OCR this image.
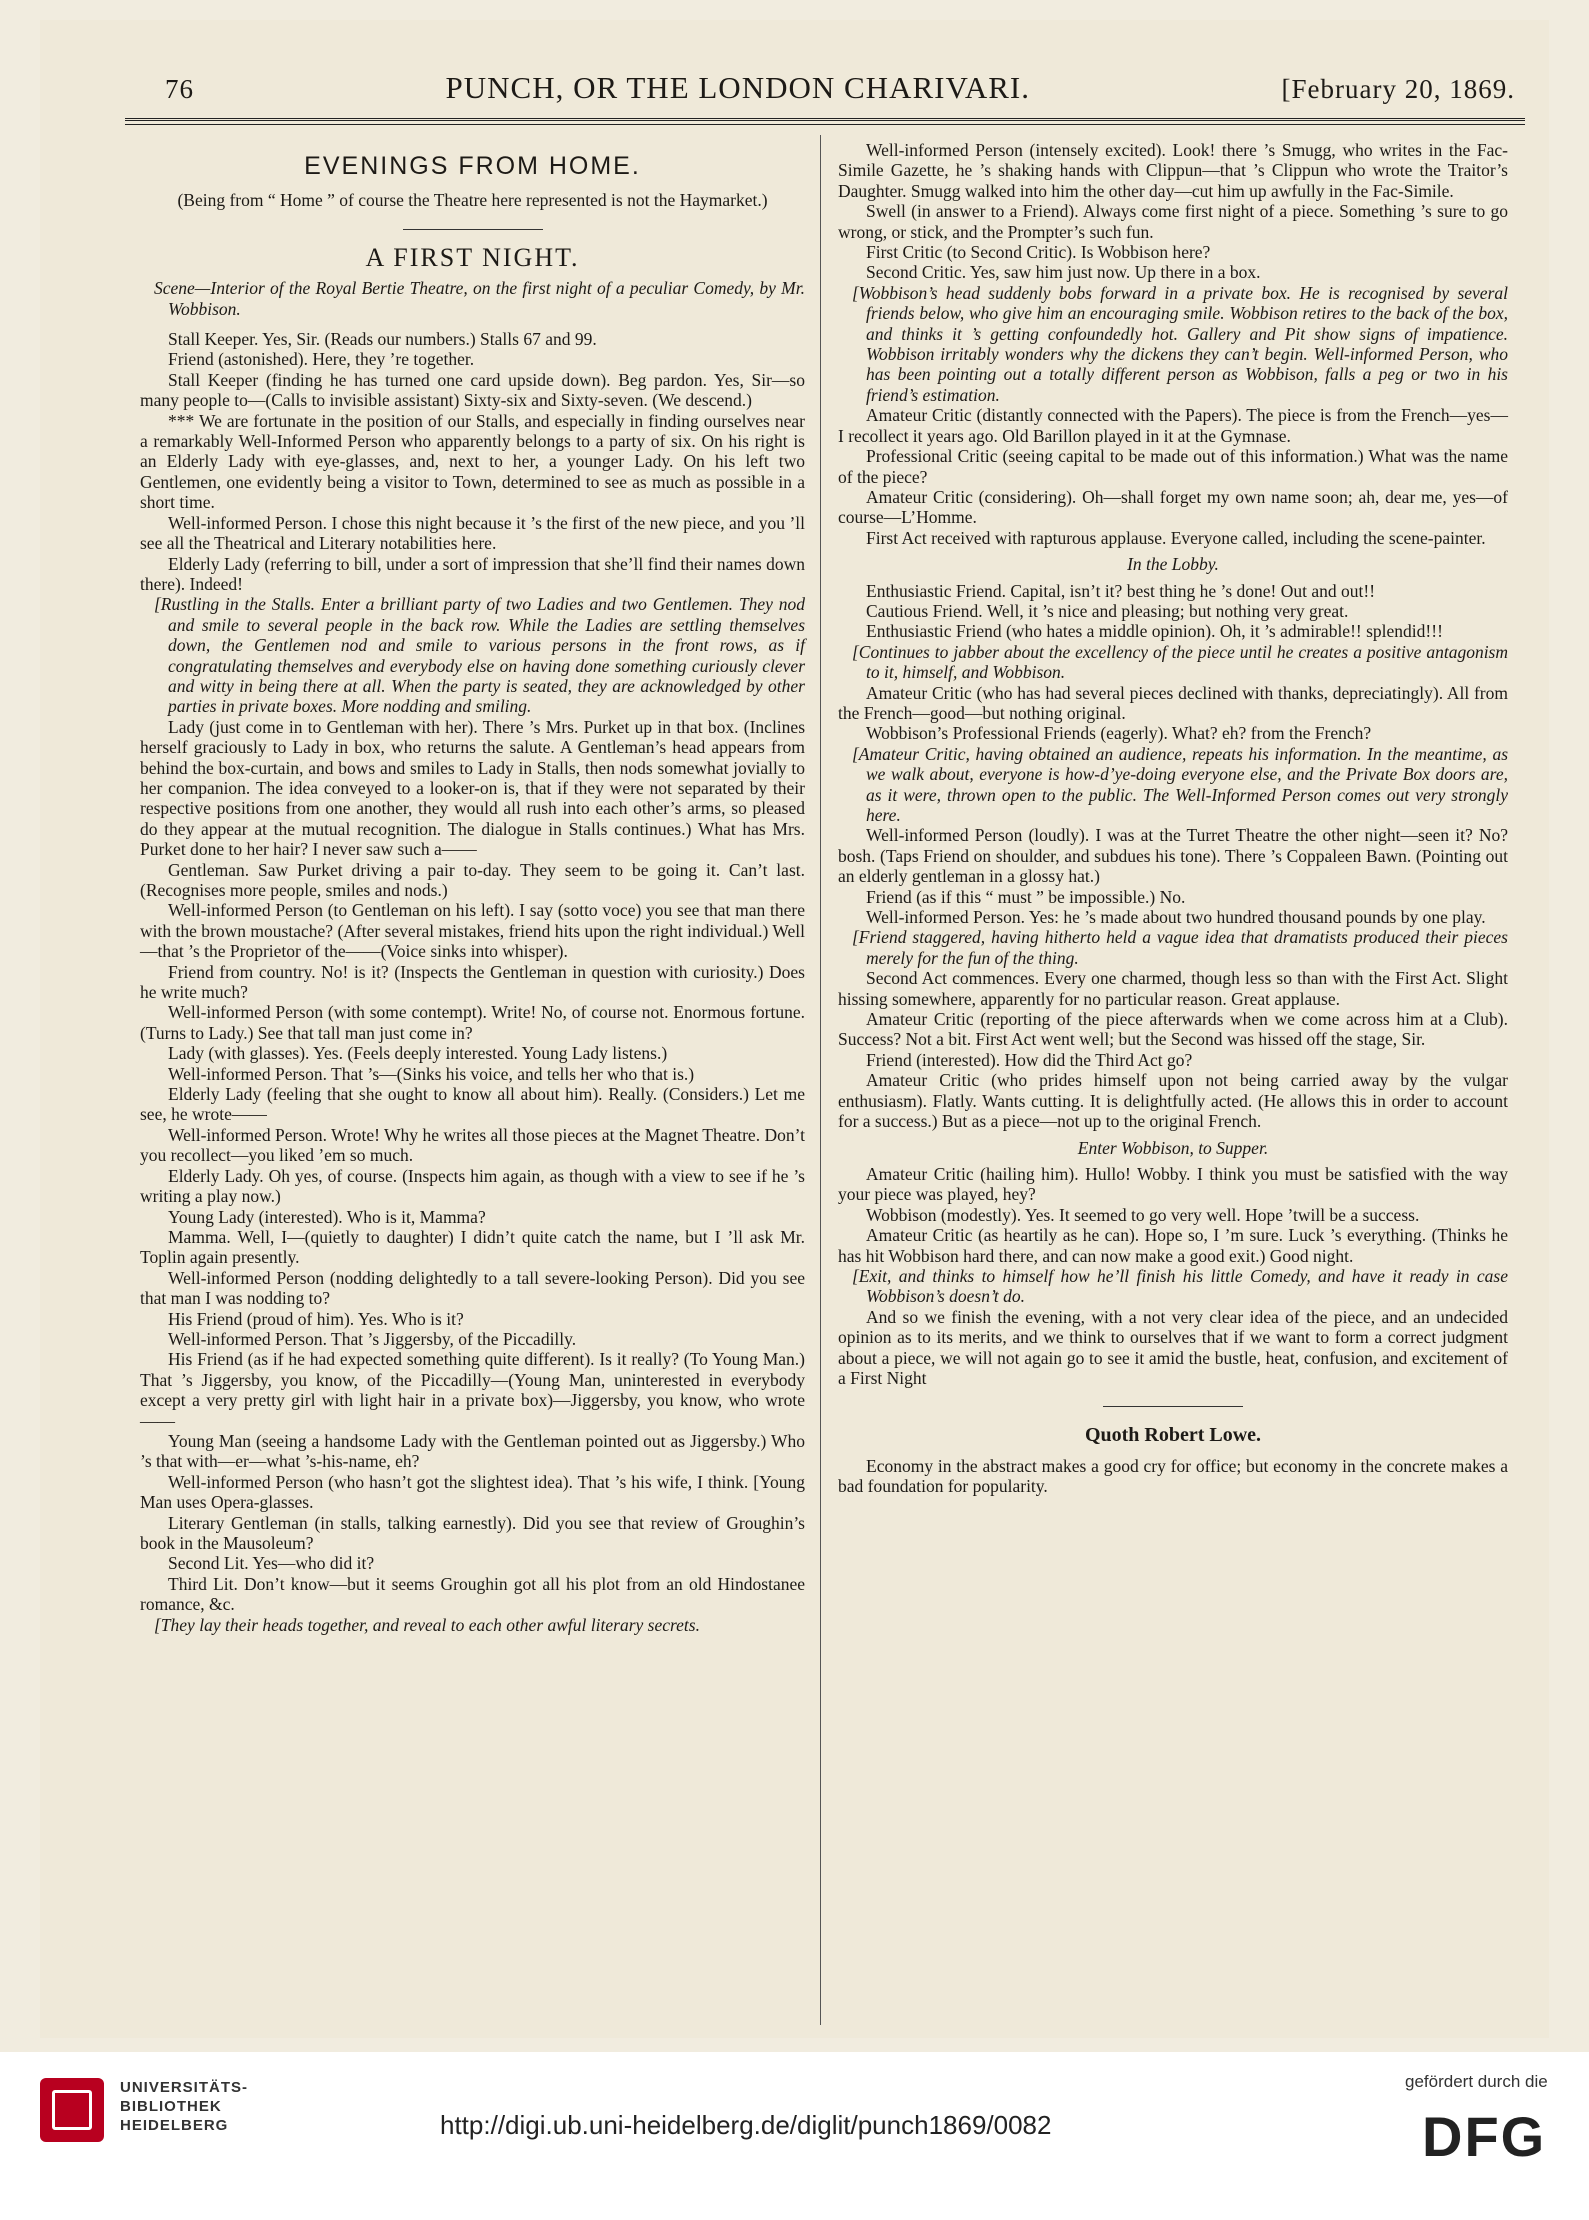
76	PUNCH, OR THE LONDON CHARIVARI.	[February 20, 1869.
EVENINGS FROM HOME.

(Being from “ Home ” of course the Theatre here represented is not the Haymarket.)

A FIRST NIGHT.

Scene—Interior of the Royal Bertie Theatre, on the first night of a peculiar Comedy, by Mr. Wobbison.

Stall Keeper. Yes, Sir. (Reads our numbers.) Stalls 67 and 99.

Friend (astonished). Here, they ’re together.

Stall Keeper (finding he has turned one card upside down). Beg pardon. Yes, Sir—so many people to—(Calls to invisible assistant) Sixty-six and Sixty-seven. (We descend.)

*** We are fortunate in the position of our Stalls, and especially in finding ourselves near a remarkably Well-Informed Person who apparently belongs to a party of six. On his right is an Elderly Lady with eye-glasses, and, next to her, a younger Lady. On his left two Gentlemen, one evidently being a visitor to Town, determined to see as much as possible in a short time.

Well-informed Person. I chose this night because it ’s the first of the new piece, and you ’ll see all the Theatrical and Literary notabilities here.

Elderly Lady (referring to bill, under a sort of impression that she’ll find their names down there). Indeed!

[Rustling in the Stalls. Enter a brilliant party of two Ladies and two Gentlemen. They nod and smile to several people in the back row. While the Ladies are settling themselves down, the Gentlemen nod and smile to various persons in the front rows, as if congratulating themselves and everybody else on having done something curiously clever and witty in being there at all. When the party is seated, they are acknowledged by other parties in private boxes. More nodding and smiling.

Lady (just come in to Gentleman with her). There ’s Mrs. Purket up in that box. (Inclines herself graciously to Lady in box, who returns the salute. A Gentleman’s head appears from behind the box-curtain, and bows and smiles to Lady in Stalls, then nods somewhat jovially to her companion. The idea conveyed to a looker-on is, that if they were not separated by their respective positions from one another, they would all rush into each other’s arms, so pleased do they appear at the mutual recognition. The dialogue in Stalls continues.) What has Mrs. Purket done to her hair? I never saw such a——

Gentleman. Saw Purket driving a pair to-day. They seem to be going it. Can’t last. (Recognises more people, smiles and nods.)

Well-informed Person (to Gentleman on his left). I say (sotto voce) you see that man there with the brown moustache? (After several mistakes, friend hits upon the right individual.) Well—that ’s the Proprietor of the——(Voice sinks into whisper).

Friend from country. No! is it? (Inspects the Gentleman in question with curiosity.) Does he write much?

Well-informed Person (with some contempt). Write! No, of course not. Enormous fortune. (Turns to Lady.) See that tall man just come in?

Lady (with glasses). Yes. (Feels deeply interested. Young Lady listens.)

Well-informed Person. That ’s—(Sinks his voice, and tells her who that is.)

Elderly Lady (feeling that she ought to know all about him). Really. (Considers.) Let me see, he wrote——

Well-informed Person. Wrote! Why he writes all those pieces at the Magnet Theatre. Don’t you recollect—you liked ’em so much.

Elderly Lady. Oh yes, of course. (Inspects him again, as though with a view to see if he ’s writing a play now.)

Young Lady (interested). Who is it, Mamma?

Mamma. Well, I—(quietly to daughter) I didn’t quite catch the name, but I ’ll ask Mr. Toplin again presently.

Well-informed Person (nodding delightedly to a tall severe-looking Person). Did you see that man I was nodding to?

His Friend (proud of him). Yes. Who is it?

Well-informed Person. That ’s Jiggersby, of the Piccadilly.

His Friend (as if he had expected something quite different). Is it really? (To Young Man.) That ’s Jiggersby, you know, of the Piccadilly—(Young Man, uninterested in everybody except a very pretty girl with light hair in a private box)—Jiggersby, you know, who wrote——

Young Man (seeing a handsome Lady with the Gentleman pointed out as Jiggersby.) Who ’s that with—er—what ’s-his-name, eh?

Well-informed Person (who hasn’t got the slightest idea). That ’s his wife, I think. [Young Man uses Opera-glasses.

Literary Gentleman (in stalls, talking earnestly). Did you see that review of Groughin’s book in the Mausoleum?

Second Lit. Yes—who did it?

Third Lit. Don’t know—but it seems Groughin got all his plot from an old Hindostanee romance, &c.

[They lay their heads together, and reveal to each other awful literary secrets.

Well-informed Person (intensely excited). Look! there ’s Smugg, who writes in the Fac-Simile Gazette, he ’s shaking hands with Clippun—that ’s Clippun who wrote the Traitor’s Daughter. Smugg walked into him the other day—cut him up awfully in the Fac-Simile.

Swell (in answer to a Friend). Always come first night of a piece. Something ’s sure to go wrong, or stick, and the Prompter’s such fun.

First Critic (to Second Critic). Is Wobbison here?

Second Critic. Yes, saw him just now. Up there in a box.

[Wobbison’s head suddenly bobs forward in a private box. He is recognised by several friends below, who give him an encouraging smile. Wobbison retires to the back of the box, and thinks it ’s getting confoundedly hot. Gallery and Pit show signs of impatience. Wobbison irritably wonders why the dickens they can’t begin. Well-informed Person, who has been pointing out a totally different person as Wobbison, falls a peg or two in his friend’s estimation.

Amateur Critic (distantly connected with the Papers). The piece is from the French—yes—I recollect it years ago. Old Barillon played in it at the Gymnase.

Professional Critic (seeing capital to be made out of this information.) What was the name of the piece?

Amateur Critic (considering). Oh—shall forget my own name soon; ah, dear me, yes—of course—L’Homme.

First Act received with rapturous applause. Everyone called, including the scene-painter.

In the Lobby.

Enthusiastic Friend. Capital, isn’t it? best thing he ’s done! Out and out!!

Cautious Friend. Well, it ’s nice and pleasing; but nothing very great.

Enthusiastic Friend (who hates a middle opinion). Oh, it ’s admirable!! splendid!!!

[Continues to jabber about the excellency of the piece until he creates a positive antagonism to it, himself, and Wobbison.

Amateur Critic (who has had several pieces declined with thanks, depreciatingly). All from the French—good—but nothing original.

Wobbison’s Professional Friends (eagerly). What? eh? from the French?

[Amateur Critic, having obtained an audience, repeats his information. In the meantime, as we walk about, everyone is how-d’ye-doing everyone else, and the Private Box doors are, as it were, thrown open to the public. The Well-Informed Person comes out very strongly here.

Well-informed Person (loudly). I was at the Turret Theatre the other night—seen it? No? bosh. (Taps Friend on shoulder, and subdues his tone). There ’s Coppaleen Bawn. (Pointing out an elderly gentleman in a glossy hat.)

Friend (as if this “ must ” be impossible.) No.

Well-informed Person. Yes: he ’s made about two hundred thousand pounds by one play.

[Friend staggered, having hitherto held a vague idea that dramatists produced their pieces merely for the fun of the thing.

Second Act commences. Every one charmed, though less so than with the First Act. Slight hissing somewhere, apparently for no particular reason. Great applause.

Amateur Critic (reporting of the piece afterwards when we come across him at a Club). Success? Not a bit. First Act went well; but the Second was hissed off the stage, Sir.

Friend (interested). How did the Third Act go?

Amateur Critic (who prides himself upon not being carried away by the vulgar enthusiasm). Flatly. Wants cutting. It is delightfully acted. (He allows this in order to account for a success.) But as a piece—not up to the original French.

Enter Wobbison, to Supper.

Amateur Critic (hailing him). Hullo! Wobby. I think you must be satisfied with the way your piece was played, hey?

Wobbison (modestly). Yes. It seemed to go very well. Hope ’twill be a success.

Amateur Critic (as heartily as he can). Hope so, I ’m sure. Luck ’s everything. (Thinks he has hit Wobbison hard there, and can now make a good exit.) Good night.

[Exit, and thinks to himself how he’ll finish his little Comedy, and have it ready in case Wobbison’s doesn’t do.

And so we finish the evening, with a not very clear idea of the piece, and an undecided opinion as to its merits, and we think to ourselves that if we want to form a correct judgment about a piece, we will not again go to see it amid the bustle, heat, confusion, and excitement of a First Night

Quoth Robert Lowe.

Economy in the abstract makes a good cry for office; but economy in the concrete makes a bad foundation for popularity.

UNIVERSITÄTS-
BIBLIOTHEK
HEIDELBERG	http://digi.ub.uni-heidelberg.de/diglit/punch1869/0082
gefördert durch die
DFG
